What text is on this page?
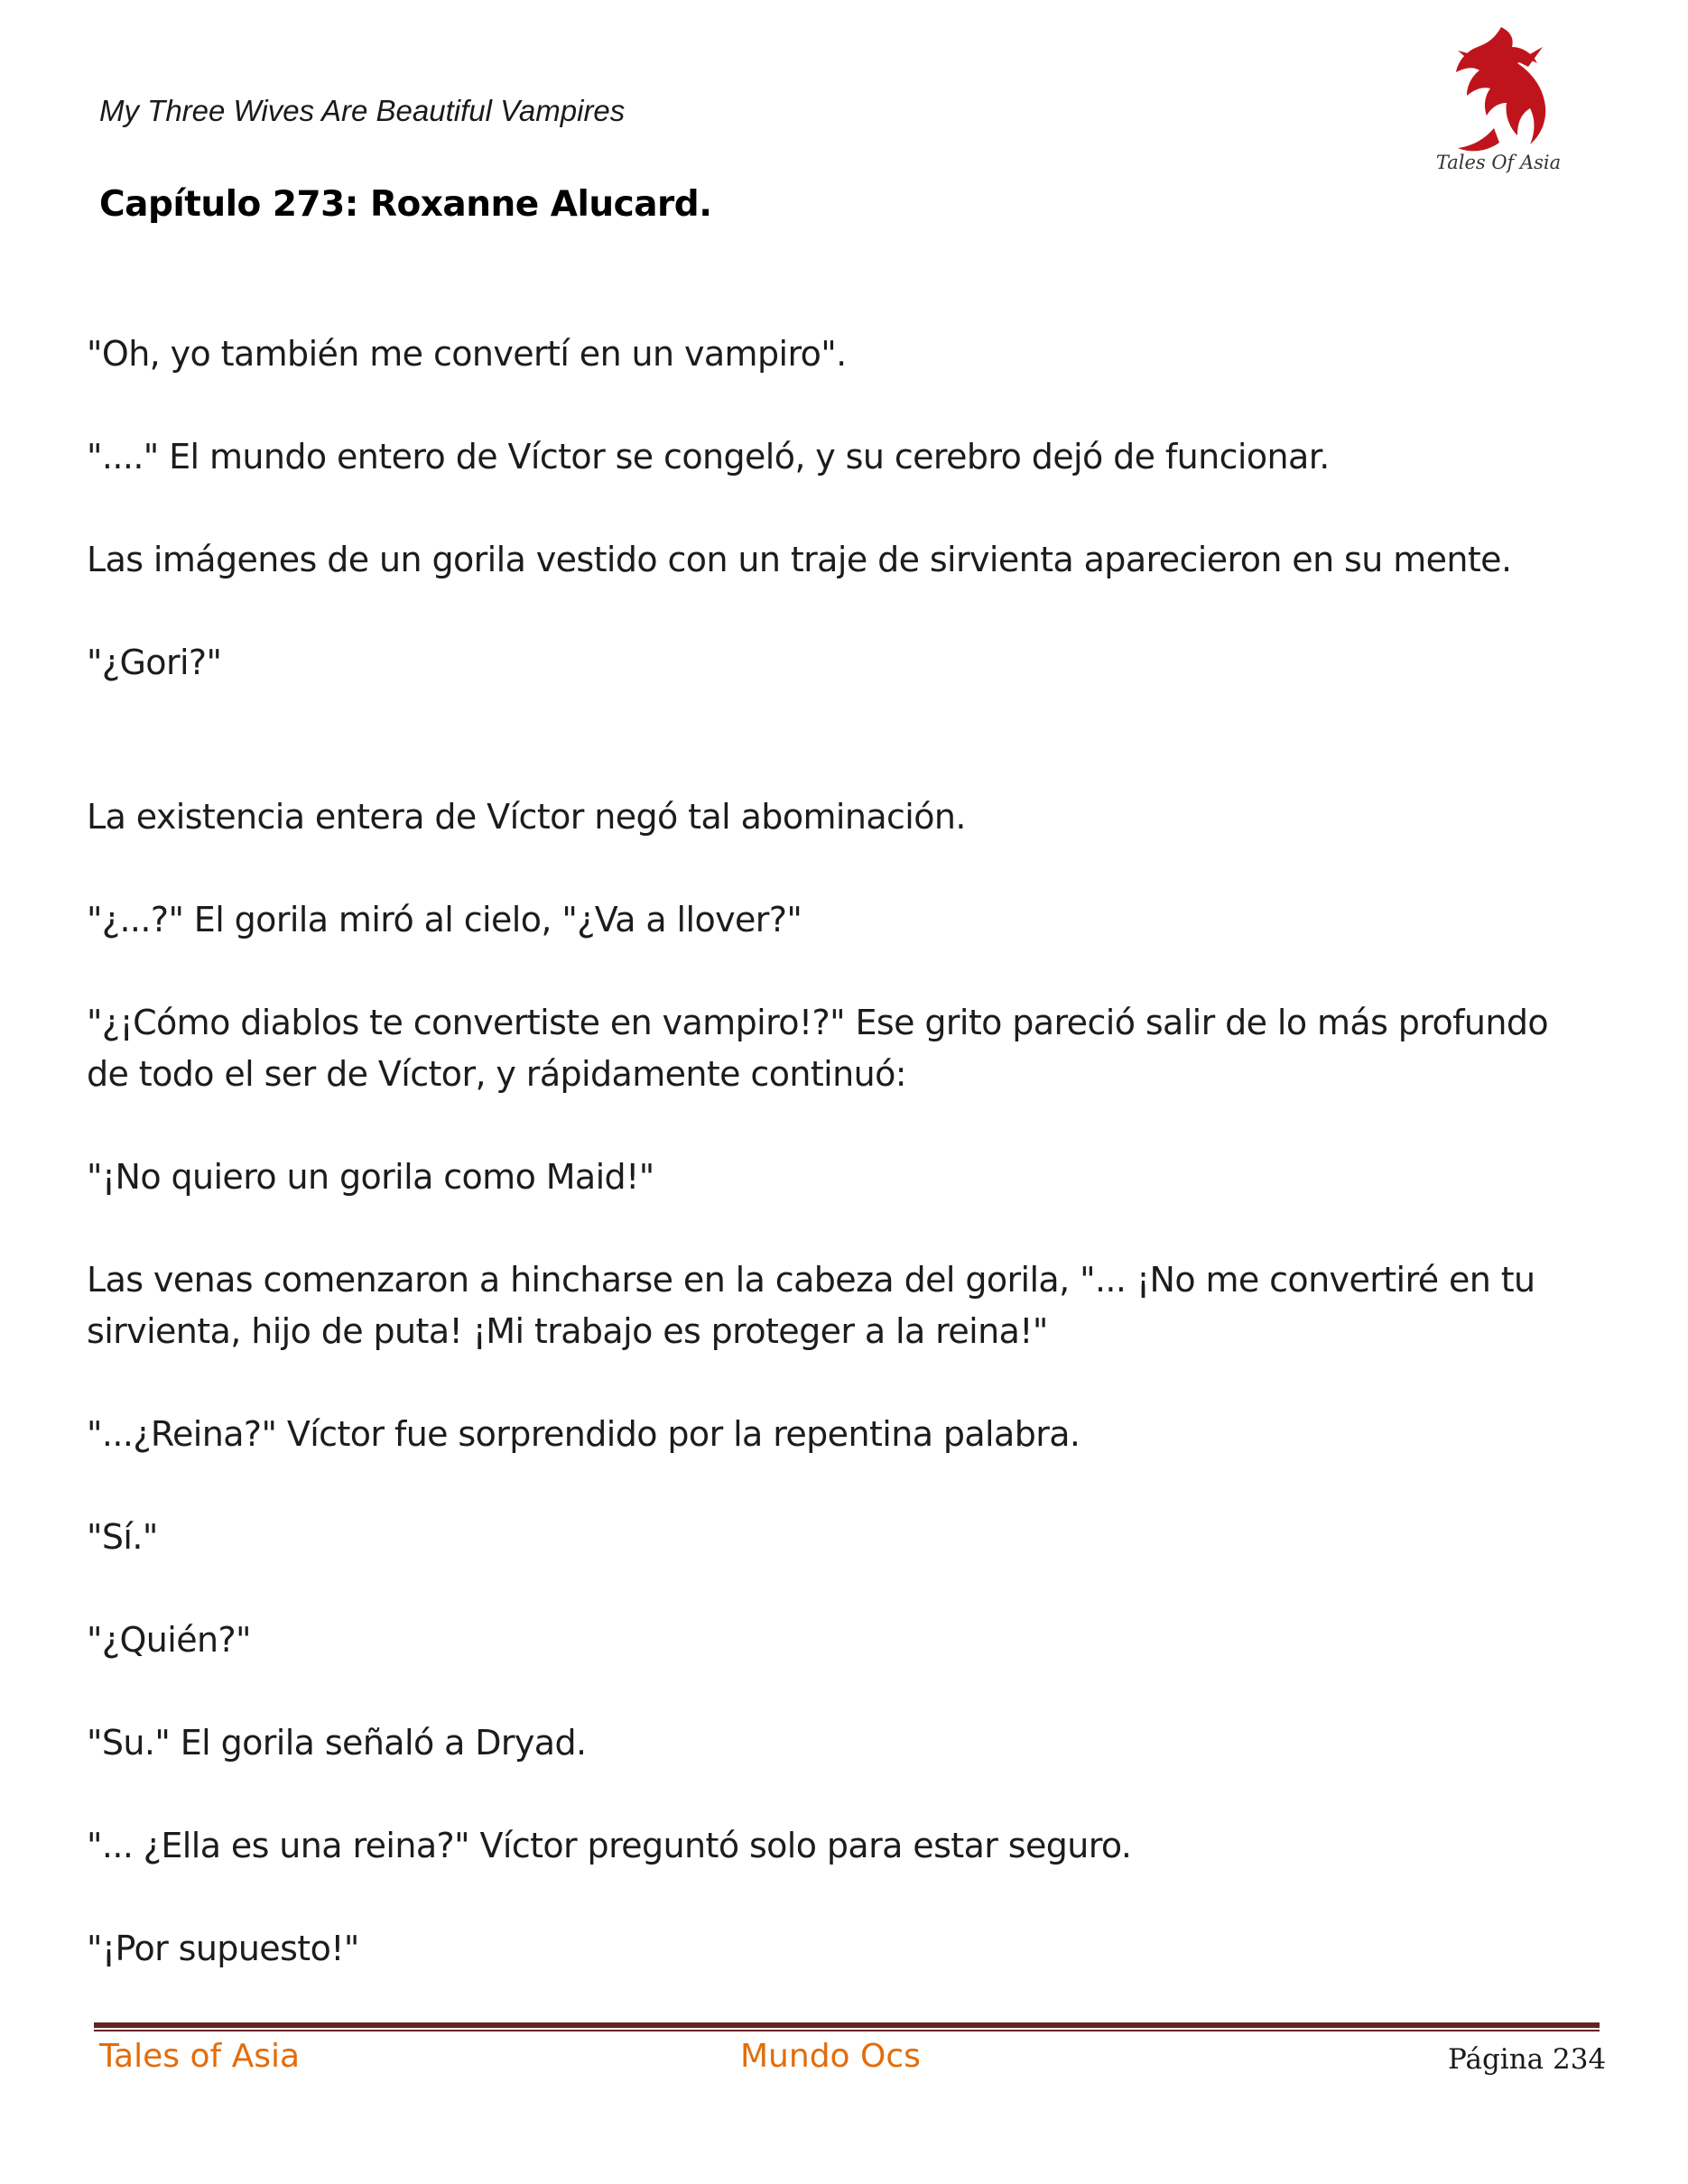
My Three Wives Are Beautiful Vampires
Capítulo 273: Roxanne Alucard.
Tales Of Asia

"Oh, yo también me convertí en un vampiro".

"...." El mundo entero de Víctor se congeló, y su cerebro dejó de funcionar.

Las imágenes de un gorila vestido con un traje de sirvienta aparecieron en su mente.

"¿Gori?"

La existencia entera de Víctor negó tal abominación.

"¿...?" El gorila miró al cielo, "¿Va a llover?"

"¿¡Cómo diablos te convertiste en vampiro!?" Ese grito pareció salir de lo más profundo de todo el ser de Víctor, y rápidamente continuó:

"¡No quiero un gorila como Maid!"

Las venas comenzaron a hincharse en la cabeza del gorila, "... ¡No me convertiré en tu sirvienta, hijo de puta! ¡Mi trabajo es proteger a la reina!"

"...¿Reina?" Víctor fue sorprendido por la repentina palabra.

"Sí."

"¿Quién?"

"Su." El gorila señaló a Dryad.

"... ¿Ella es una reina?" Víctor preguntó solo para estar seguro.

"¡Por supuesto!"

Tales of Asia	Mundo Ocs	Página 234
